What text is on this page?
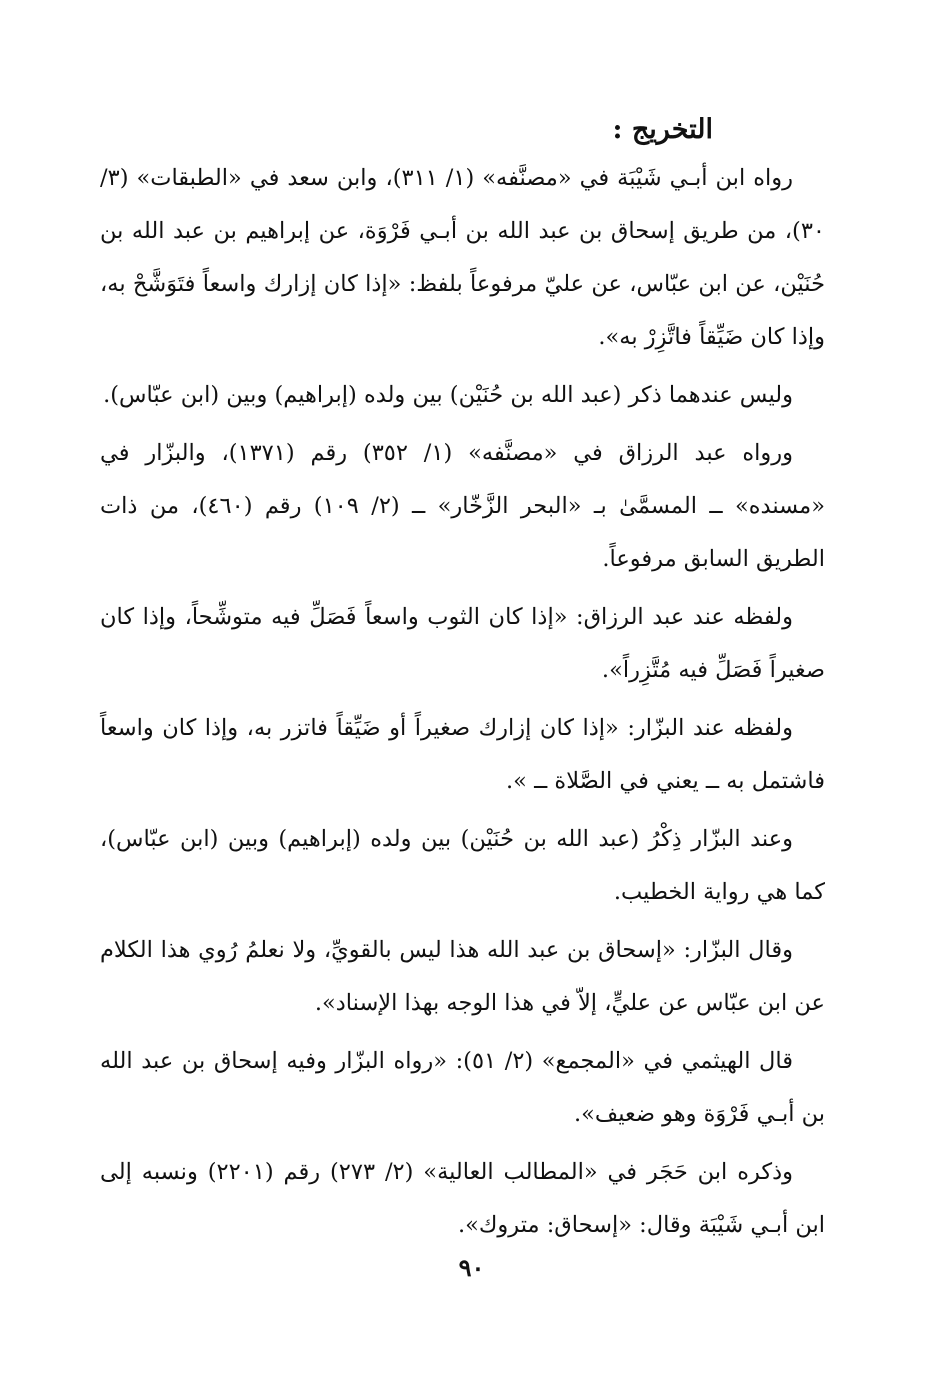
التخريج :

رواه ابن أبـي شَيْبَة في «مصنَّفه» (١/ ٣١١)، وابن سعد في «الطبقات» (٣/ ٣٠)، من طريق إسحاق بن عبد الله بن أبـي فَرْوَة، عن إبراهيم بن عبد الله بن حُنَيْن، عن ابن عبّاس، عن عليّ مرفوعاً بلفظ: «إذا كان إزارك واسعاً فتَوَشَّحْ به، وإذا كان ضَيِّقاً فاتَّزِرْ به».

وليس عندهما ذكر (عبد الله بن حُنَيْن) بين ولده (إبراهيم) وبين (ابن عبّاس).

ورواه عبد الرزاق في «مصنَّفه» (١/ ٣٥٢) رقم (١٣٧١)، والبزّار في «مسنده» ــ المسمَّىٰ بـ «البحر الزَّخّار» ــ (٢/ ١٠٩) رقم (٤٦٠)، من ذات الطريق السابق مرفوعاً.

ولفظه عند عبد الرزاق: «إذا كان الثوب واسعاً فَصَلِّ فيه متوشِّحاً، وإذا كان صغيراً فَصَلِّ فيه مُتَّزِراً».

ولفظه عند البزّار: «إذا كان إزارك صغيراً أو ضَيِّقاً فاتزر به، وإذا كان واسعاً فاشتمل به ــ يعني في الصَّلاة ــ ».

وعند البزّار ذِكْرُ (عبد الله بن حُنَيْن) بين ولده (إبراهيم) وبين (ابن عبّاس)، كما هي رواية الخطيب.

وقال البزّار: «إسحاق بن عبد الله هذا ليس بالقويِّ، ولا نعلمُ رُوي هذا الكلام عن ابن عبّاس عن عليٍّ، إلاّ في هذا الوجه بهذا الإسناد».

قال الهيثمي في «المجمع» (٢/ ٥١): «رواه البزّار وفيه إسحاق بن عبد الله بن أبـي فَرْوَة وهو ضعيف».

وذكره ابن حَجَر في «المطالب العالية» (٢/ ٢٧٣) رقم (٢٢٠١) ونسبه إلى ابن أبـي شَيْبَة وقال: «إسحاق: متروك».

٩٠
